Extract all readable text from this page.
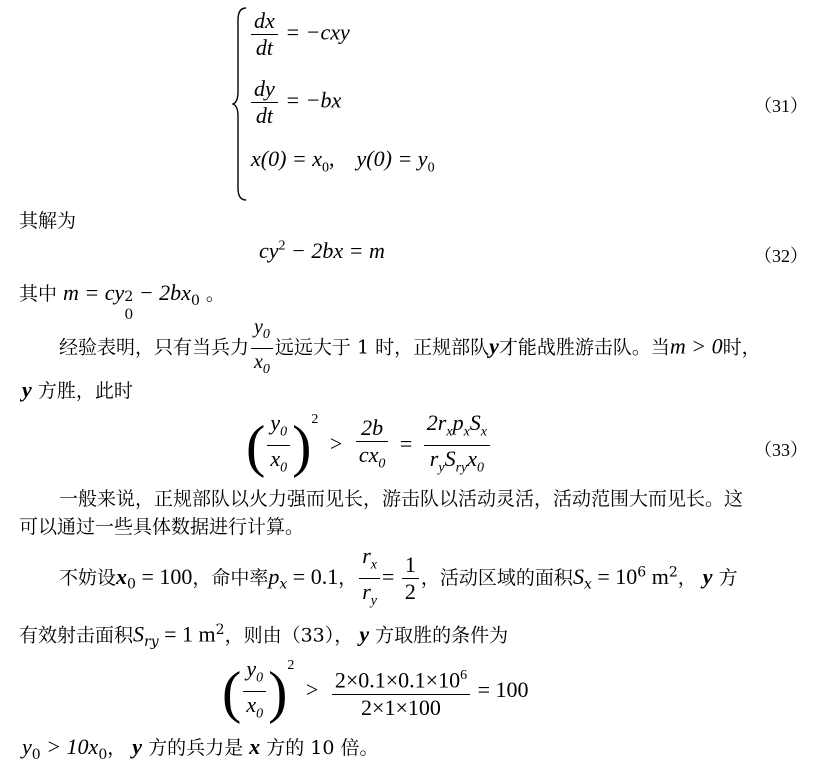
$\frac{dx}{dt} = -cxy$
$\frac{dy}{dt} = -bx$
$x(0) = x_0$,    $y(0) = y_0$
（31）
其解为
$cy^2 - 2bx = m$	（32）
其中 m = cy 2
0
− $2bx_0$ 。
经验表明，只有当兵力 $\frac{y_0}{x_0}$ 远远大于 1 时，正规部队y才能战胜游击队。当m > 0时，
y 方胜，此时
( $\frac{y_0}{x_0} )^2 > \frac{2b}{cx_0} = \frac{2r_xp_xS_x}{r_yS_{ry}x_0}$	（33）
一般来说，正规部队以火力强而见长，游击队以活动灵活，活动范围大而见长。这
可以通过一些具体数据进行计算。
不妨设$x_0 = 100$，命中率$p_x = 0.1$， $\frac{r_x}{r_y} = \frac{1}{2}$ ，活动区域的面积$S_x = 10^6$ $m^2$， y 方
有效射击面积$S_{ry} = 1$ $m^2$，则由（33）， y 方取胜的条件为
( $\frac{y_0}{x_0} )^2 > \frac{2\times 0.1\times 0.1\times 10^6}{2\times 1\times 100} = 100$
$y_0 > 10x_0$， y 方的兵力是 x 方的 10 倍。
